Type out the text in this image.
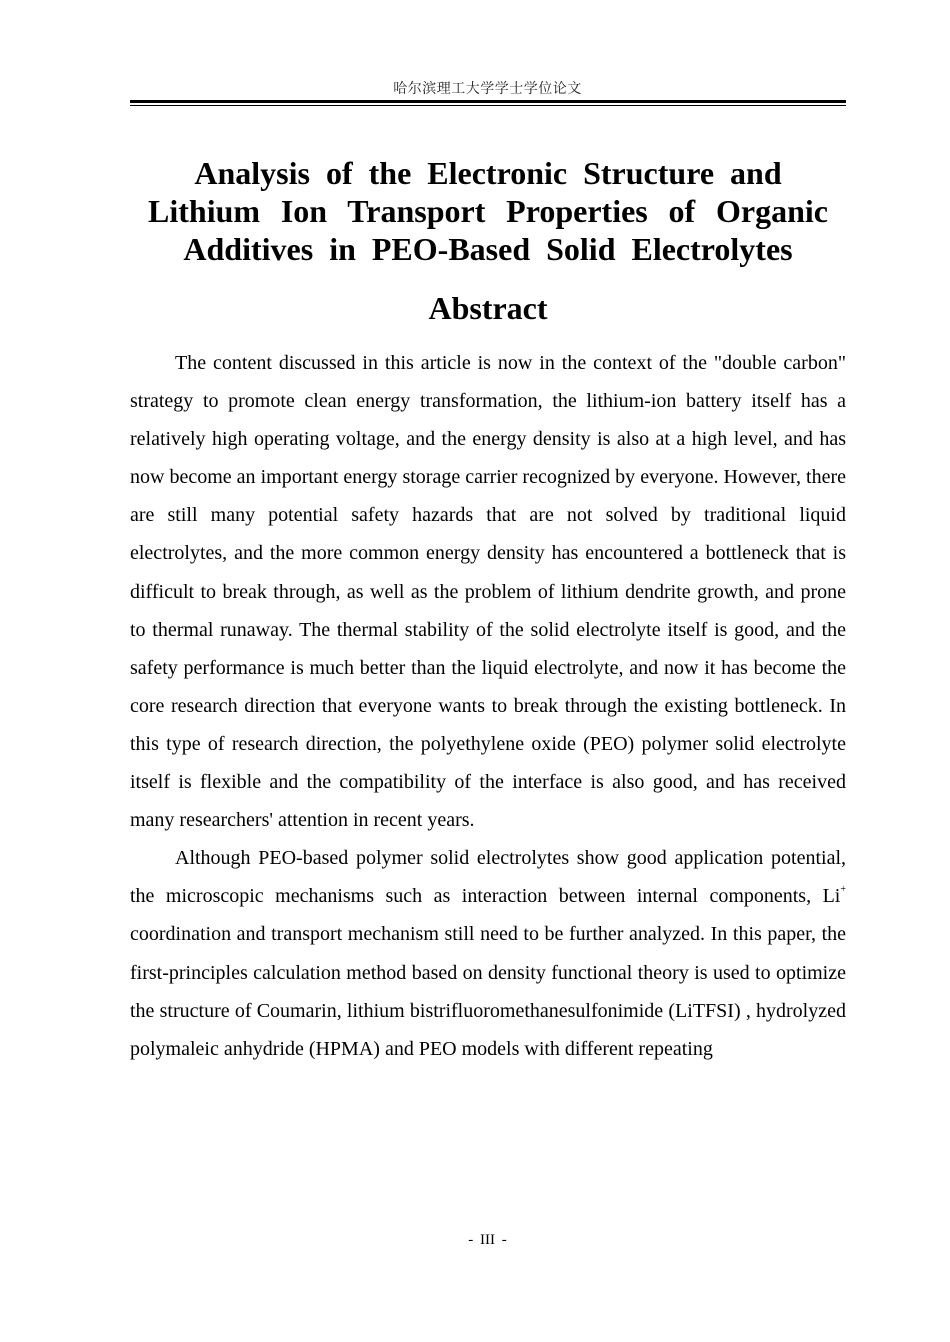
哈尔滨理工大学学士学位论文
Analysis of the Electronic Structure and
Lithium Ion Transport Properties of Organic
Additives in PEO-Based Solid Electrolytes
Abstract

The content discussed in this article is now in the context of the "double carbon" strategy to promote clean energy transformation, the lithium-ion battery itself has a relatively high operating voltage, and the energy density is also at a high level, and has now become an important energy storage carrier recognized by everyone. However, there are still many potential safety hazards that are not solved by traditional liquid electrolytes, and the more common energy density has encountered a bottleneck that is difficult to break through, as well as the problem of lithium dendrite growth, and prone to thermal runaway. The thermal stability of the solid electrolyte itself is good, and the safety performance is much better than the liquid electrolyte, and now it has become the core research direction that everyone wants to break through the existing bottleneck. In this type of research direction, the polyethylene oxide (PEO) polymer solid electrolyte itself is flexible and the compatibility of the interface is also good, and has received many researchers' attention in recent years.

Although PEO-based polymer solid electrolytes show good application potential, the microscopic mechanisms such as interaction between internal components, Li+ coordination and transport mechanism still need to be further analyzed. In this paper, the first-principles calculation method based on density functional theory is used to optimize the structure of Coumarin, lithium bistrifluoromethanesulfonimide (LiTFSI) , hydrolyzed polymaleic anhydride (HPMA) and PEO models with different repeating

- III -
